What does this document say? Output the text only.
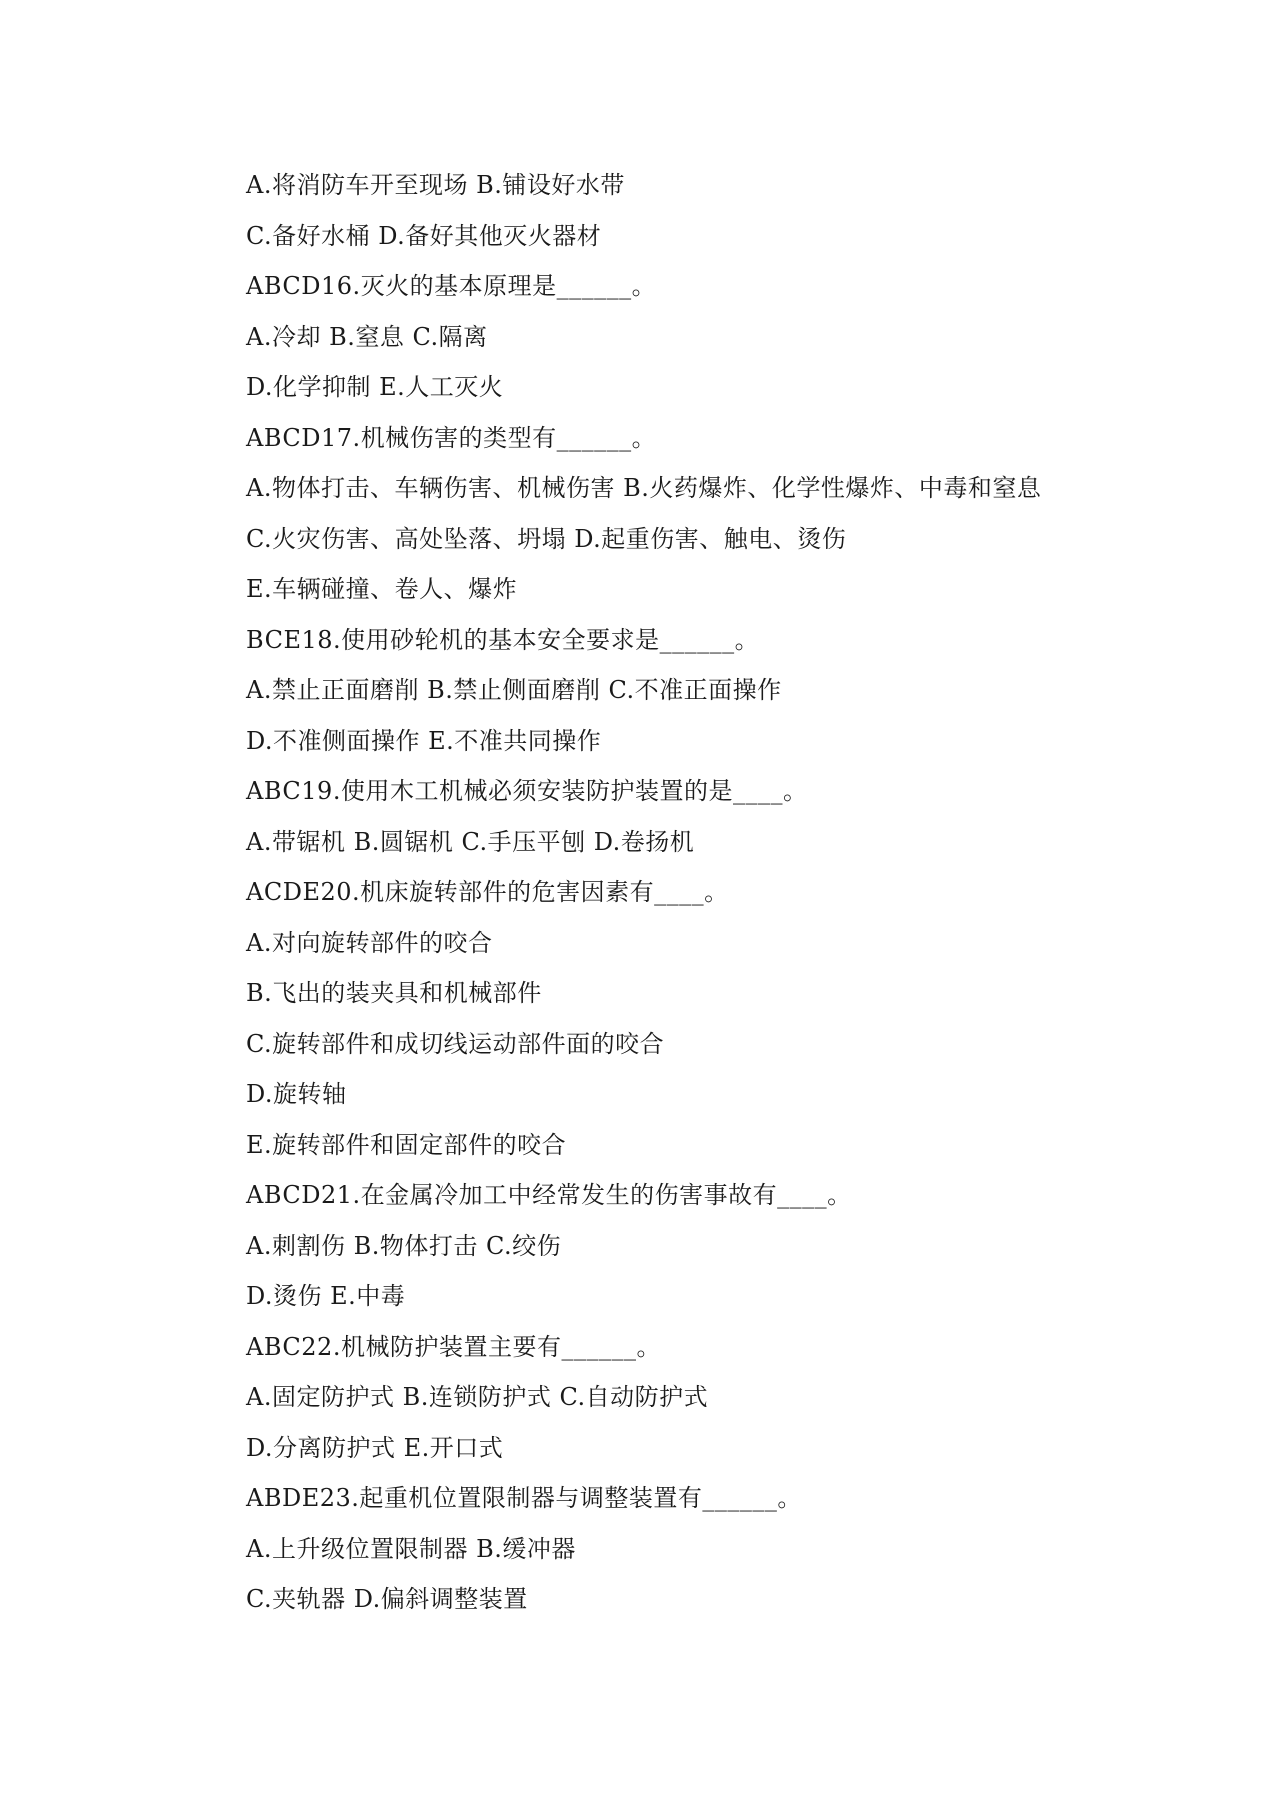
A.将消防车开至现场 B.铺设好水带
C.备好水桶 D.备好其他灭火器材
ABCD16.灭火的基本原理是______。
A.冷却 B.窒息 C.隔离
D.化学抑制 E.人工灭火
ABCD17.机械伤害的类型有______。
A.物体打击、车辆伤害、机械伤害 B.火药爆炸、化学性爆炸、中毒和窒息
C.火灾伤害、高处坠落、坍塌 D.起重伤害、触电、烫伤
E.车辆碰撞、卷人、爆炸
BCE18.使用砂轮机的基本安全要求是______。
A.禁止正面磨削 B.禁止侧面磨削 C.不准正面操作
D.不准侧面操作 E.不准共同操作
ABC19.使用木工机械必须安装防护装置的是____。
A.带锯机 B.圆锯机 C.手压平刨 D.卷扬机
ACDE20.机床旋转部件的危害因素有____。
A.对向旋转部件的咬合
B.飞出的装夹具和机械部件
C.旋转部件和成切线运动部件面的咬合
D.旋转轴
E.旋转部件和固定部件的咬合
ABCD21.在金属冷加工中经常发生的伤害事故有____。
A.刺割伤 B.物体打击 C.绞伤
D.烫伤 E.中毒
ABC22.机械防护装置主要有______。
A.固定防护式 B.连锁防护式 C.自动防护式
D.分离防护式 E.开口式
ABDE23.起重机位置限制器与调整装置有______。
A.上升级位置限制器 B.缓冲器
C.夹轨器 D.偏斜调整装置
